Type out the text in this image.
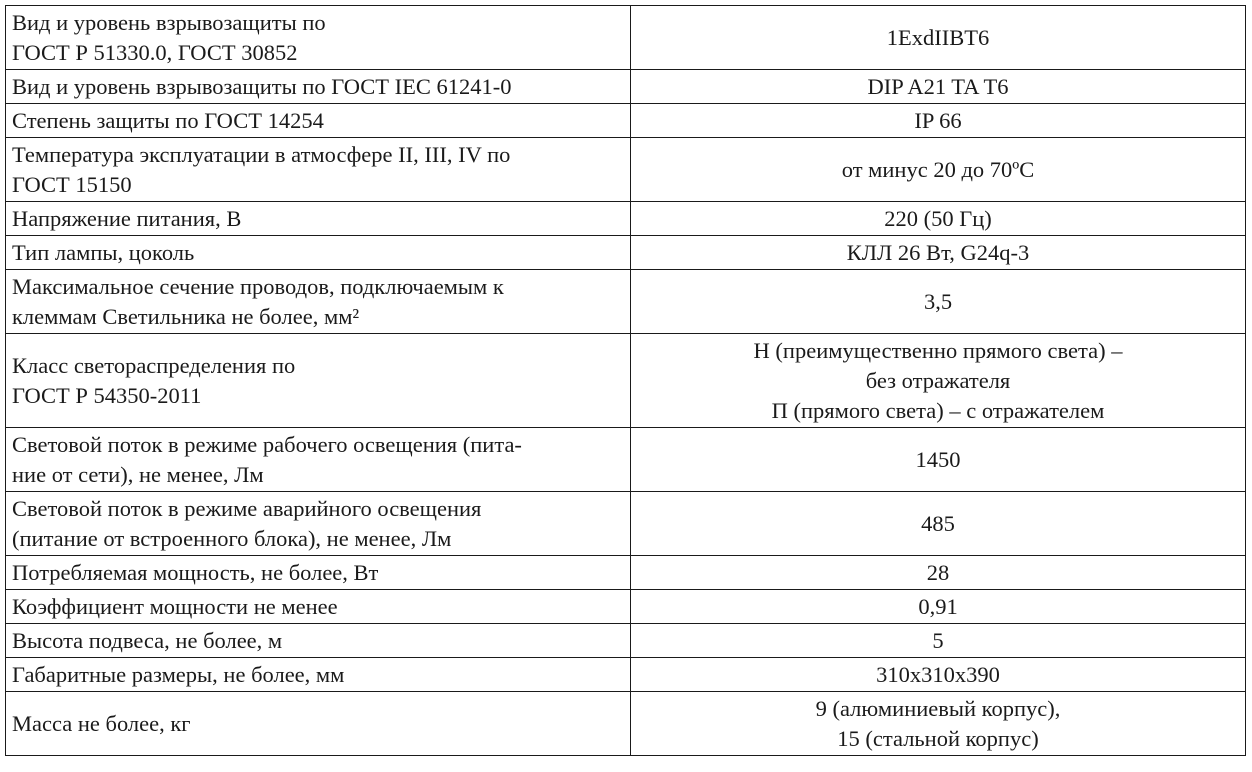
Вид и уровень взрывозащиты по
ГОСТ Р 51330.0, ГОСТ 30852	1ExdIIBT6
Вид и уровень взрывозащиты по ГОСТ IEC 61241-0	DIP A21 TA T6
Степень защиты по ГОСТ 14254	IP 66
Температура эксплуатации в атмосфере II, III, IV по
ГОСТ 15150	от минус 20 до 70ºС
Напряжение питания, В	220 (50 Гц)
Тип лампы, цоколь	КЛЛ 26 Вт, G24q-3
Максимальное сечение проводов, подключаемым к
клеммам Светильника не более, мм²	3,5
Класс светораспределения по
ГОСТ Р 54350-2011	Н (преимущественно прямого света) –
без отражателя
П (прямого света) – с отражателем
Световой поток в режиме рабочего освещения (пита-
ние от сети), не менее, Лм	1450
Световой поток в режиме аварийного освещения
(питание от встроенного блока), не менее, Лм	485
Потребляемая мощность, не более, Вт	28
Коэффициент мощности не менее	0,91
Высота подвеса, не более, м	5
Габаритные размеры, не более, мм	310х310х390
Масса не более, кг	9 (алюминиевый корпус),
15 (стальной корпус)
